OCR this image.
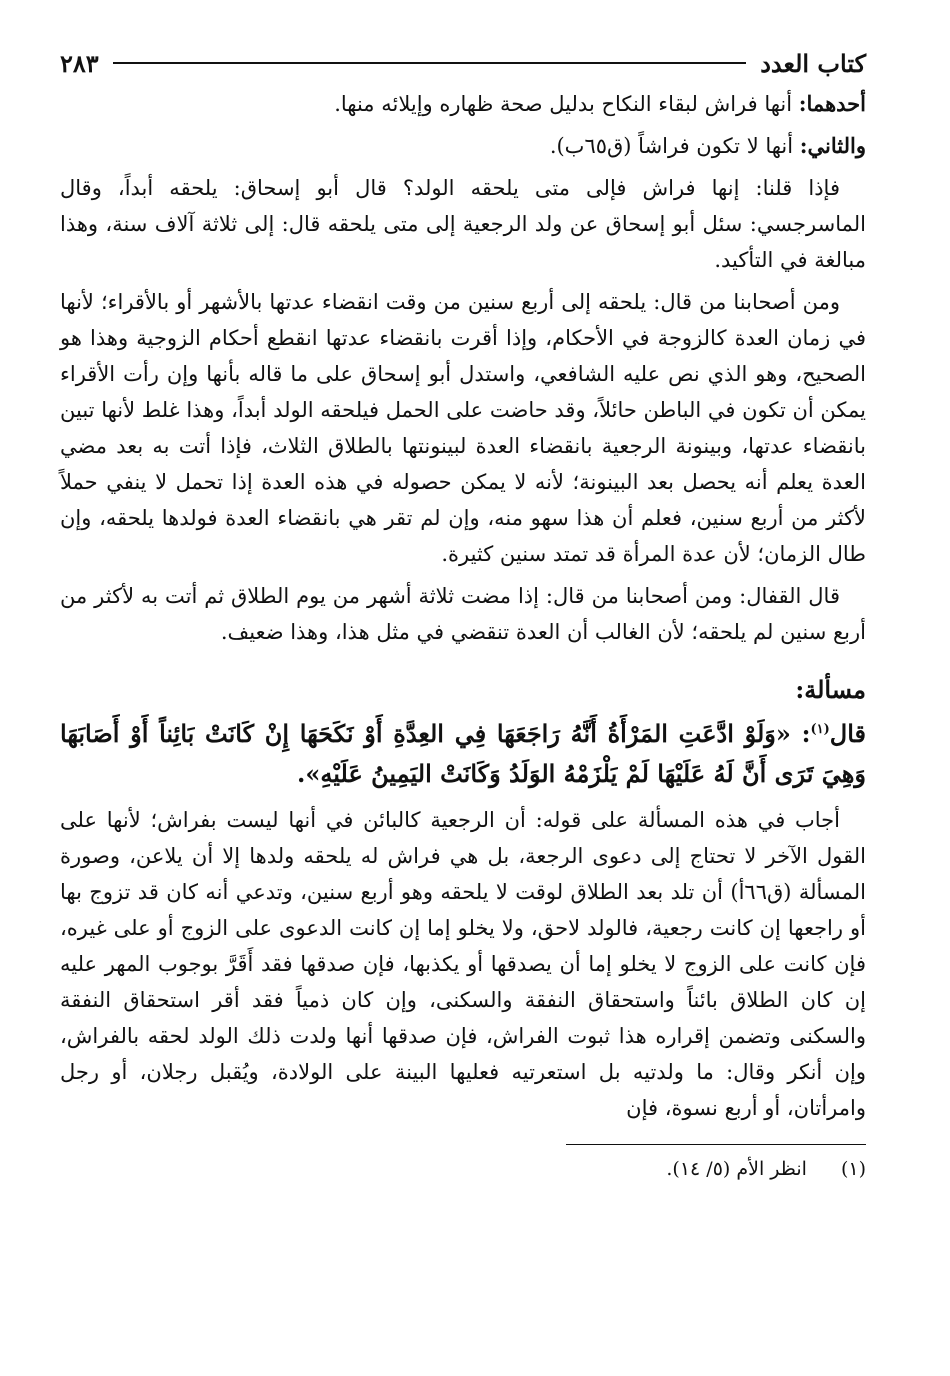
كتاب العدد
٢٨٣

أحدهما: أنها فراش لبقاء النكاح بدليل صحة ظهاره وإيلائه منها.

والثاني: أنها لا تكون فراشاً (ق٦٥ب).

فإذا قلنا: إنها فراش فإلى متى يلحقه الولد؟ قال أبو إسحاق: يلحقه أبداً، وقال الماسرجسي: سئل أبو إسحاق عن ولد الرجعية إلى متى يلحقه قال: إلى ثلاثة آلاف سنة، وهذا مبالغة في التأكيد.

ومن أصحابنا من قال: يلحقه إلى أربع سنين من وقت انقضاء عدتها بالأشهر أو بالأقراء؛ لأنها في زمان العدة كالزوجة في الأحكام، وإذا أقرت بانقضاء عدتها انقطع أحكام الزوجية وهذا هو الصحيح، وهو الذي نص عليه الشافعي، واستدل أبو إسحاق على ما قاله بأنها وإن رأت الأقراء يمكن أن تكون في الباطن حائلاً، وقد حاضت على الحمل فيلحقه الولد أبداً، وهذا غلط لأنها تبين بانقضاء عدتها، وبينونة الرجعية بانقضاء العدة لبينونتها بالطلاق الثلاث، فإذا أتت به بعد مضي العدة يعلم أنه يحصل بعد البينونة؛ لأنه لا يمكن حصوله في هذه العدة إذا تحمل لا ينفي حملاً لأكثر من أربع سنين، فعلم أن هذا سهو منه، وإن لم تقر هي بانقضاء العدة فولدها يلحقه، وإن طال الزمان؛ لأن عدة المرأة قد تمتد سنين كثيرة.

قال القفال: ومن أصحابنا من قال: إذا مضت ثلاثة أشهر من يوم الطلاق ثم أتت به لأكثر من أربع سنين لم يلحقه؛ لأن الغالب أن العدة تنقضي في مثل هذا، وهذا ضعيف.

مسألة:

قال$^{(١)}$: «وَلَوْ ادَّعَتِ المَرْأَةُ أَنَّهُ رَاجَعَهَا فِي العِدَّةِ أَوْ نَكَحَهَا إِنْ كَانَتْ بَائِناً أَوْ أَصَابَهَا وَهِيَ تَرَى أَنَّ لَهُ عَلَيْهَا لَمْ يَلْزَمْهُ الوَلَدُ وَكَانَتْ اليَمِينُ عَلَيْهِ».

أجاب في هذه المسألة على قوله: أن الرجعية كالبائن في أنها ليست بفراش؛ لأنها على القول الآخر لا تحتاج إلى دعوى الرجعة، بل هي فراش له يلحقه ولدها إلا أن يلاعن، وصورة المسألة (ق٦٦أ) أن تلد بعد الطلاق لوقت لا يلحقه وهو أربع سنين، وتدعي أنه كان قد تزوج بها أو راجعها إن كانت رجعية، فالولد لاحق، ولا يخلو إما إن كانت الدعوى على الزوج أو على غيره، فإن كانت على الزوج لا يخلو إما أن يصدقها أو يكذبها، فإن صدقها فقد أَقَرَّ بوجوب المهر عليه إن كان الطلاق بائناً واستحقاق النفقة والسكنى، وإن كان ذمياً فقد أقر استحقاق النفقة والسكنى وتضمن إقراره هذا ثبوت الفراش، فإن صدقها أنها ولدت ذلك الولد لحقه بالفراش، وإن أنكر وقال: ما ولدتيه بل استعرتيه فعليها البينة على الولادة، ويُقبل رجلان، أو رجل وامرأتان، أو أربع نسوة، فإن

(١)انظر الأم (٥/ ١٤).
